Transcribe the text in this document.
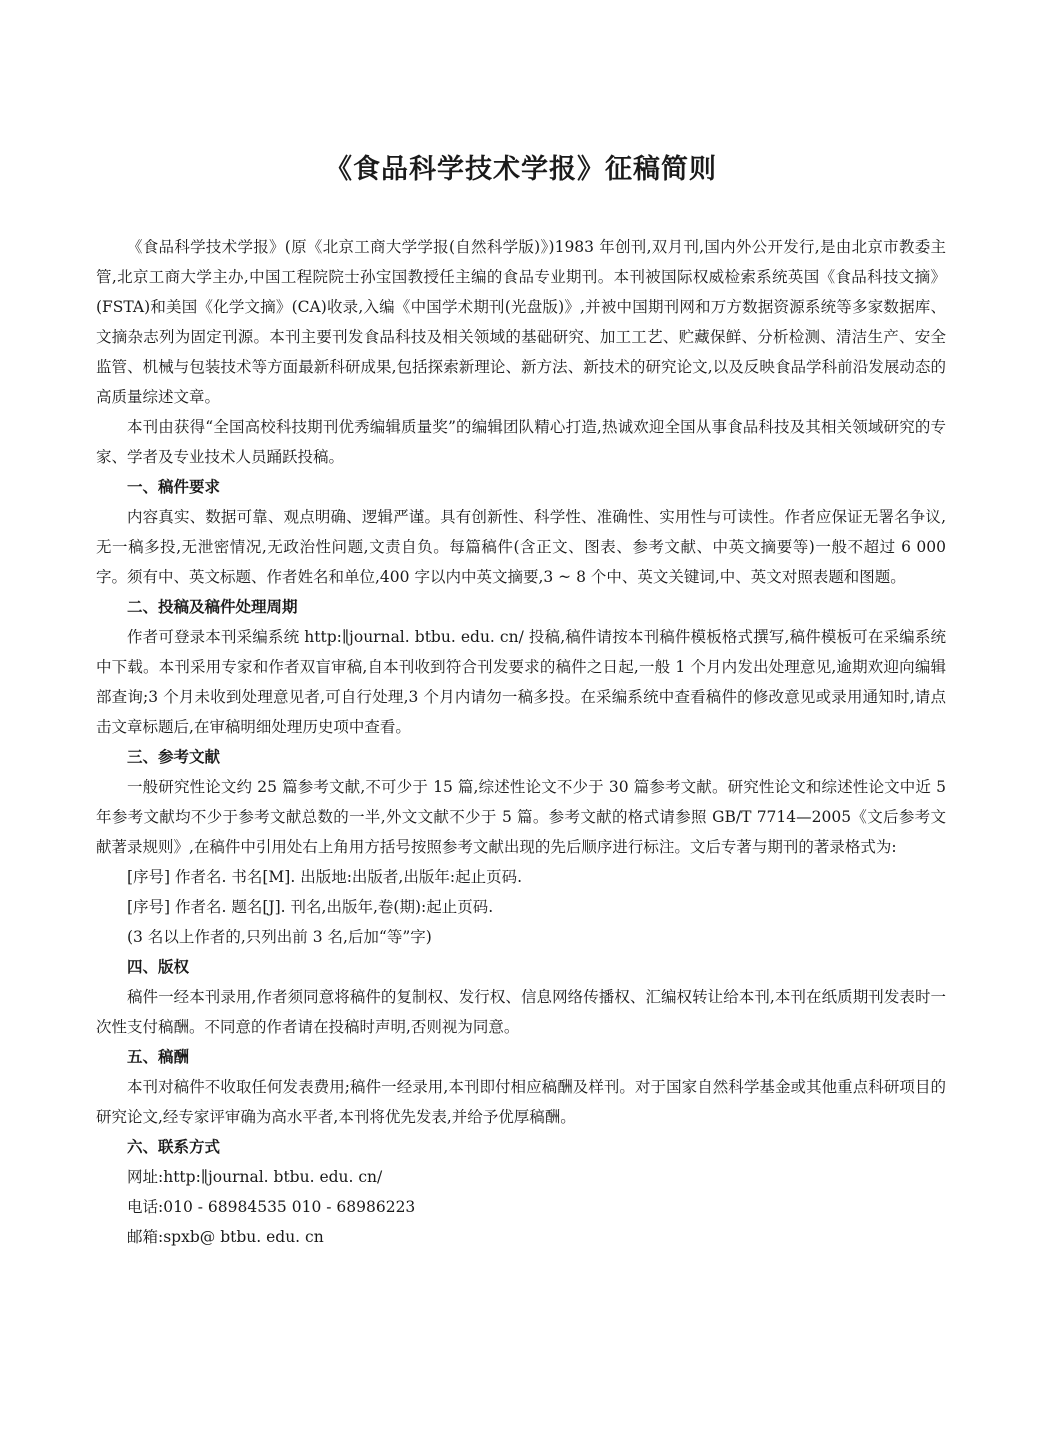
《食品科学技术学报》征稿简则

《食品科学技术学报》(原《北京工商大学学报(自然科学版)》)1983 年创刊,双月刊,国内外公开发行,是由北京市教委主管,北京工商大学主办,中国工程院院士孙宝国教授任主编的食品专业期刊。本刊被国际权威检索系统英国《食品科技文摘》(FSTA)和美国《化学文摘》(CA)收录,入编《中国学术期刊(光盘版)》,并被中国期刊网和万方数据资源系统等多家数据库、文摘杂志列为固定刊源。本刊主要刊发食品科技及相关领域的基础研究、加工工艺、贮藏保鲜、分析检测、清洁生产、安全监管、机械与包装技术等方面最新科研成果,包括探索新理论、新方法、新技术的研究论文,以及反映食品学科前沿发展动态的高质量综述文章。

本刊由获得“全国高校科技期刊优秀编辑质量奖”的编辑团队精心打造,热诚欢迎全国从事食品科技及其相关领域研究的专家、学者及专业技术人员踊跃投稿。

一、稿件要求

内容真实、数据可靠、观点明确、逻辑严谨。具有创新性、科学性、准确性、实用性与可读性。作者应保证无署名争议,无一稿多投,无泄密情况,无政治性问题,文责自负。每篇稿件(含正文、图表、参考文献、中英文摘要等)一般不超过 6 000 字。须有中、英文标题、作者姓名和单位,400 字以内中英文摘要,3 ~ 8 个中、英文关键词,中、英文对照表题和图题。

二、投稿及稿件处理周期

作者可登录本刊采编系统 http:∥journal. btbu. edu. cn/ 投稿,稿件请按本刊稿件模板格式撰写,稿件模板可在采编系统中下载。本刊采用专家和作者双盲审稿,自本刊收到符合刊发要求的稿件之日起,一般 1 个月内发出处理意见,逾期欢迎向编辑部查询;3 个月未收到处理意见者,可自行处理,3 个月内请勿一稿多投。在采编系统中查看稿件的修改意见或录用通知时,请点击文章标题后,在审稿明细处理历史项中查看。

三、参考文献

一般研究性论文约 25 篇参考文献,不可少于 15 篇,综述性论文不少于 30 篇参考文献。研究性论文和综述性论文中近 5 年参考文献均不少于参考文献总数的一半,外文文献不少于 5 篇。参考文献的格式请参照 GB/T 7714—2005《文后参考文献著录规则》,在稿件中引用处右上角用方括号按照参考文献出现的先后顺序进行标注。文后专著与期刊的著录格式为:

[序号] 作者名. 书名[M]. 出版地:出版者,出版年:起止页码.

[序号] 作者名. 题名[J]. 刊名,出版年,卷(期):起止页码.

(3 名以上作者的,只列出前 3 名,后加“等”字)

四、版权

稿件一经本刊录用,作者须同意将稿件的复制权、发行权、信息网络传播权、汇编权转让给本刊,本刊在纸质期刊发表时一次性支付稿酬。不同意的作者请在投稿时声明,否则视为同意。

五、稿酬

本刊对稿件不收取任何发表费用;稿件一经录用,本刊即付相应稿酬及样刊。对于国家自然科学基金或其他重点科研项目的研究论文,经专家评审确为高水平者,本刊将优先发表,并给予优厚稿酬。

六、联系方式

网址:http:∥journal. btbu. edu. cn/

电话:010 - 68984535 010 - 68986223

邮箱:spxb@ btbu. edu. cn
